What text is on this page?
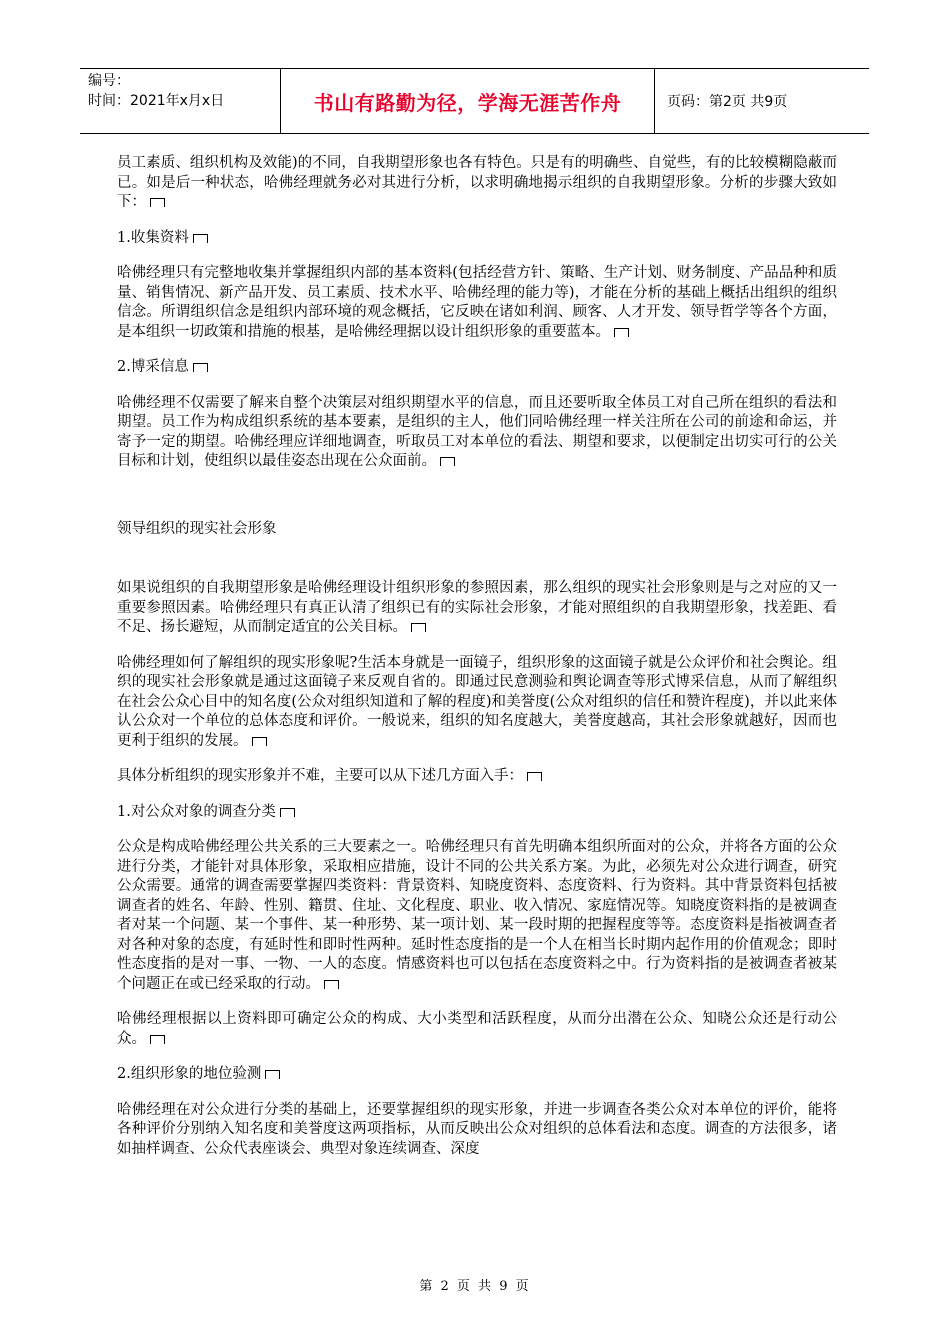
编号：
时间：2021年x月x日	书山有路勤为径，学海无涯苦作舟	页码：第2页 共9页

员工素质、组织机构及效能)的不同，自我期望形象也各有特色。只是有的明确些、自觉些，有的比较模糊隐蔽而已。如是后一种状态，哈佛经理就务必对其进行分析，以求明确地揭示组织的自我期望形象。分析的步骤大致如下：

1.收集资料

哈佛经理只有完整地收集并掌握组织内部的基本资料(包括经营方针、策略、生产计划、财务制度、产品品种和质量、销售情况、新产品开发、员工素质、技术水平、哈佛经理的能力等)，才能在分析的基础上概括出组织的组织信念。所谓组织信念是组织内部环境的观念概括，它反映在诸如利润、顾客、人才开发、领导哲学等各个方面，是本组织一切政策和措施的根基，是哈佛经理据以设计组织形象的重要蓝本。

2.博采信息

哈佛经理不仅需要了解来自整个决策层对组织期望水平的信息，而且还要听取全体员工对自己所在组织的看法和期望。员工作为构成组织系统的基本要素，是组织的主人，他们同哈佛经理一样关注所在公司的前途和命运，并寄予一定的期望。哈佛经理应详细地调查，听取员工对本单位的看法、期望和要求，以便制定出切实可行的公关目标和计划，使组织以最佳姿态出现在公众面前。

领导组织的现实社会形象

如果说组织的自我期望形象是哈佛经理设计组织形象的参照因素，那么组织的现实社会形象则是与之对应的又一重要参照因素。哈佛经理只有真正认清了组织已有的实际社会形象，才能对照组织的自我期望形象，找差距、看不足、扬长避短，从而制定适宜的公关目标。

哈佛经理如何了解组织的现实形象呢?生活本身就是一面镜子，组织形象的这面镜子就是公众评价和社会舆论。组织的现实社会形象就是通过这面镜子来反观自省的。即通过民意测验和舆论调查等形式博采信息，从而了解组织在社会公众心目中的知名度(公众对组织知道和了解的程度)和美誉度(公众对组织的信任和赞许程度)，并以此来体认公众对一个单位的总体态度和评价。一般说来，组织的知名度越大，美誉度越高，其社会形象就越好，因而也更利于组织的发展。

具体分析组织的现实形象并不难，主要可以从下述几方面入手：

1.对公众对象的调查分类

公众是构成哈佛经理公共关系的三大要素之一。哈佛经理只有首先明确本组织所面对的公众，并将各方面的公众进行分类，才能针对具体形象，采取相应措施，设计不同的公共关系方案。为此，必须先对公众进行调查，研究公众需要。通常的调查需要掌握四类资料：背景资料、知晓度资料、态度资料、行为资料。其中背景资料包括被调查者的姓名、年龄、性别、籍贯、住址、文化程度、职业、收入情况、家庭情况等。知晓度资料指的是被调查者对某一个问题、某一个事件、某一种形势、某一项计划、某一段时期的把握程度等等。态度资料是指被调查者对各种对象的态度，有延时性和即时性两种。延时性态度指的是一个人在相当长时期内起作用的价值观念；即时性态度指的是对一事、一物、一人的态度。情感资料也可以包括在态度资料之中。行为资料指的是被调查者被某个问题正在或已经采取的行动。

哈佛经理根据以上资料即可确定公众的构成、大小类型和活跃程度，从而分出潜在公众、知晓公众还是行动公众。

2.组织形象的地位验测

哈佛经理在对公众进行分类的基础上，还要掌握组织的现实形象，并进一步调查各类公众对本单位的评价，能将各种评价分别纳入知名度和美誉度这两项指标，从而反映出公众对组织的总体看法和态度。调查的方法很多，诸如抽样调查、公众代表座谈会、典型对象连续调查、深度

第 2 页 共 9 页
